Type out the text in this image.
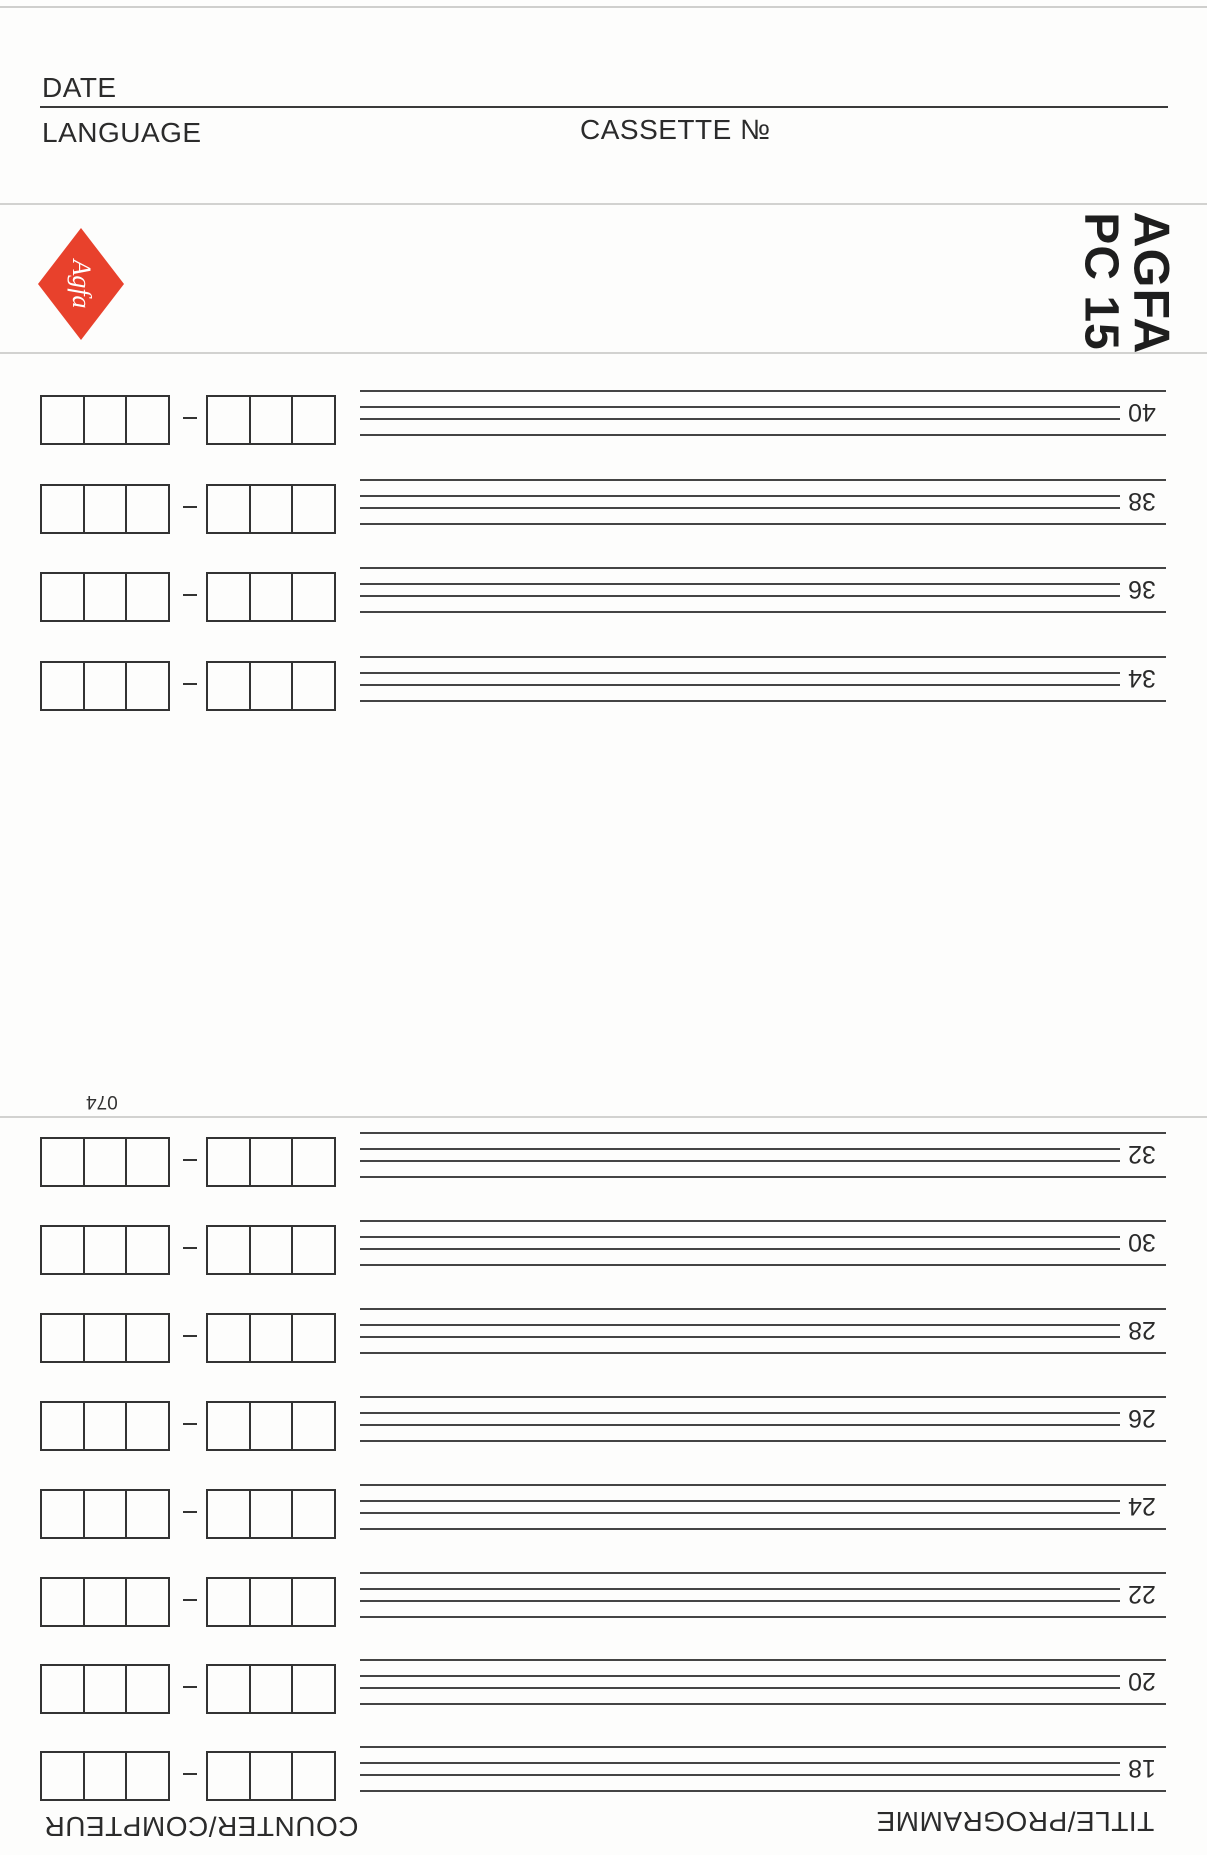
DATE
LANGUAGE	CASSETTE №
Agfa	AGFA
PC 15
40
38
36
34
074
32
30
28
26
24
22
20
18
COUNTER/COMPTEUR	TITLE/PROGRAMME
